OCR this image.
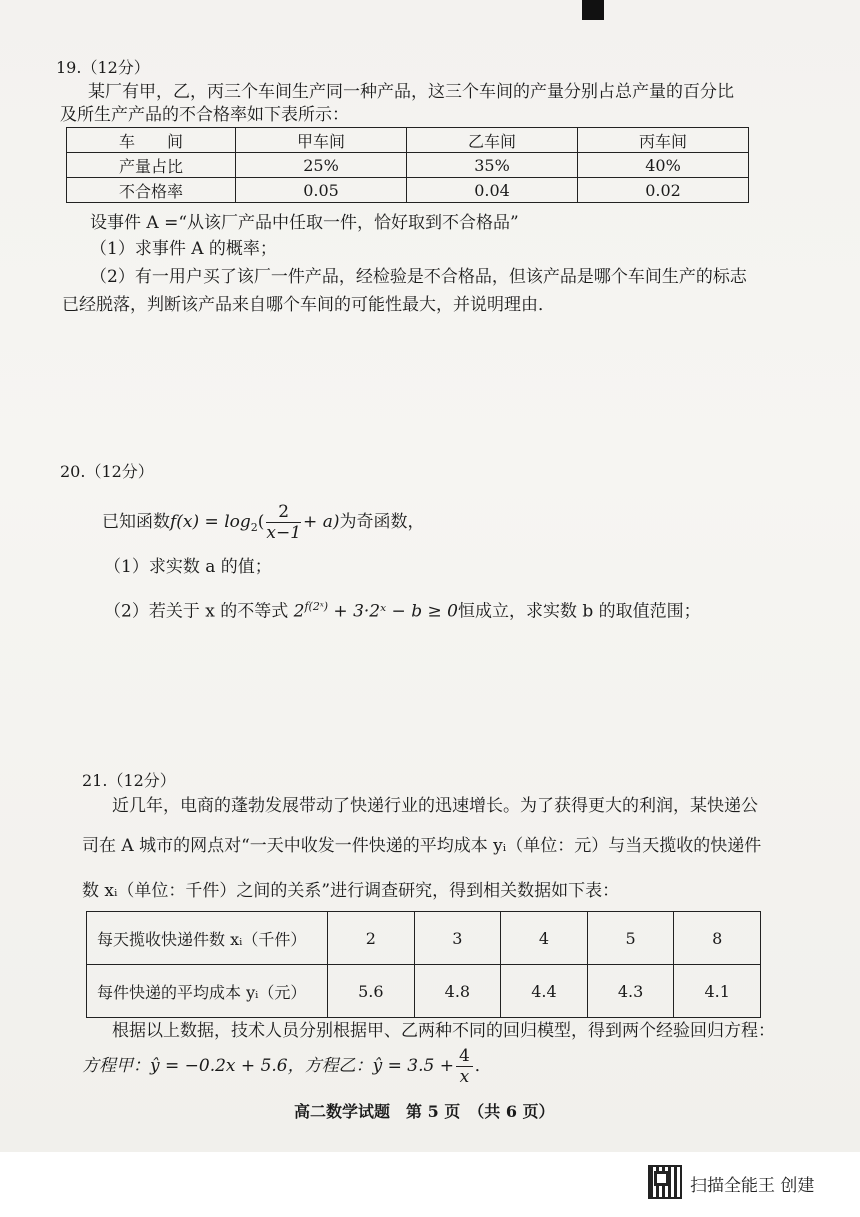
19.（12分）
某厂有甲，乙，丙三个车间生产同一种产品，这三个车间的产量分别占总产量的百分比
及所生产产品的不合格率如下表所示：
车　　间	甲车间	乙车间	丙车间
产量占比	25%	35%	40%
不合格率	0.05	0.04	0.02
设事件 A =“从该厂产品中任取一件，恰好取到不合格品”
（1）求事件 A 的概率；
（2）有一用户买了该厂一件产品，经检验是不合格品，但该产品是哪个车间生产的标志
已经脱落，判断该产品来自哪个车间的可能性最大，并说明理由．
20.（12分）
已知函数 $f(x) = \log_2$ ( $\frac{2}{x-1} + a$) 为奇函数，
（1）求实数 a 的值；
（2）若关于 x 的不等式 $2^{f(2ˣ)}$ + 3·2ˣ − b ≥ 0恒成立，求实数 b 的取值范围；
21.（12分）
近几年，电商的蓬勃发展带动了快递行业的迅速增长。为了获得更大的利润，某快递公
司在 A 城市的网点对“一天中收发一件快递的平均成本 yᵢ（单位：元）与当天揽收的快递件
数 xᵢ（单位：千件）之间的关系”进行调查研究，得到相关数据如下表：
每天揽收快递件数 xᵢ（千件）	2	3	4	5	8
每件快递的平均成本 yᵢ（元）	5.6	4.8	4.4	4.3	4.1
根据以上数据，技术人员分别根据甲、乙两种不同的回归模型，得到两个经验回归方程：
方程甲：ŷ = −0.2x + 5.6，方程乙：ŷ = $3.5 + \frac{4}{x}$ ．
高二数学试题　第 5 页　（共 6 页）
扫描全能王 创建
